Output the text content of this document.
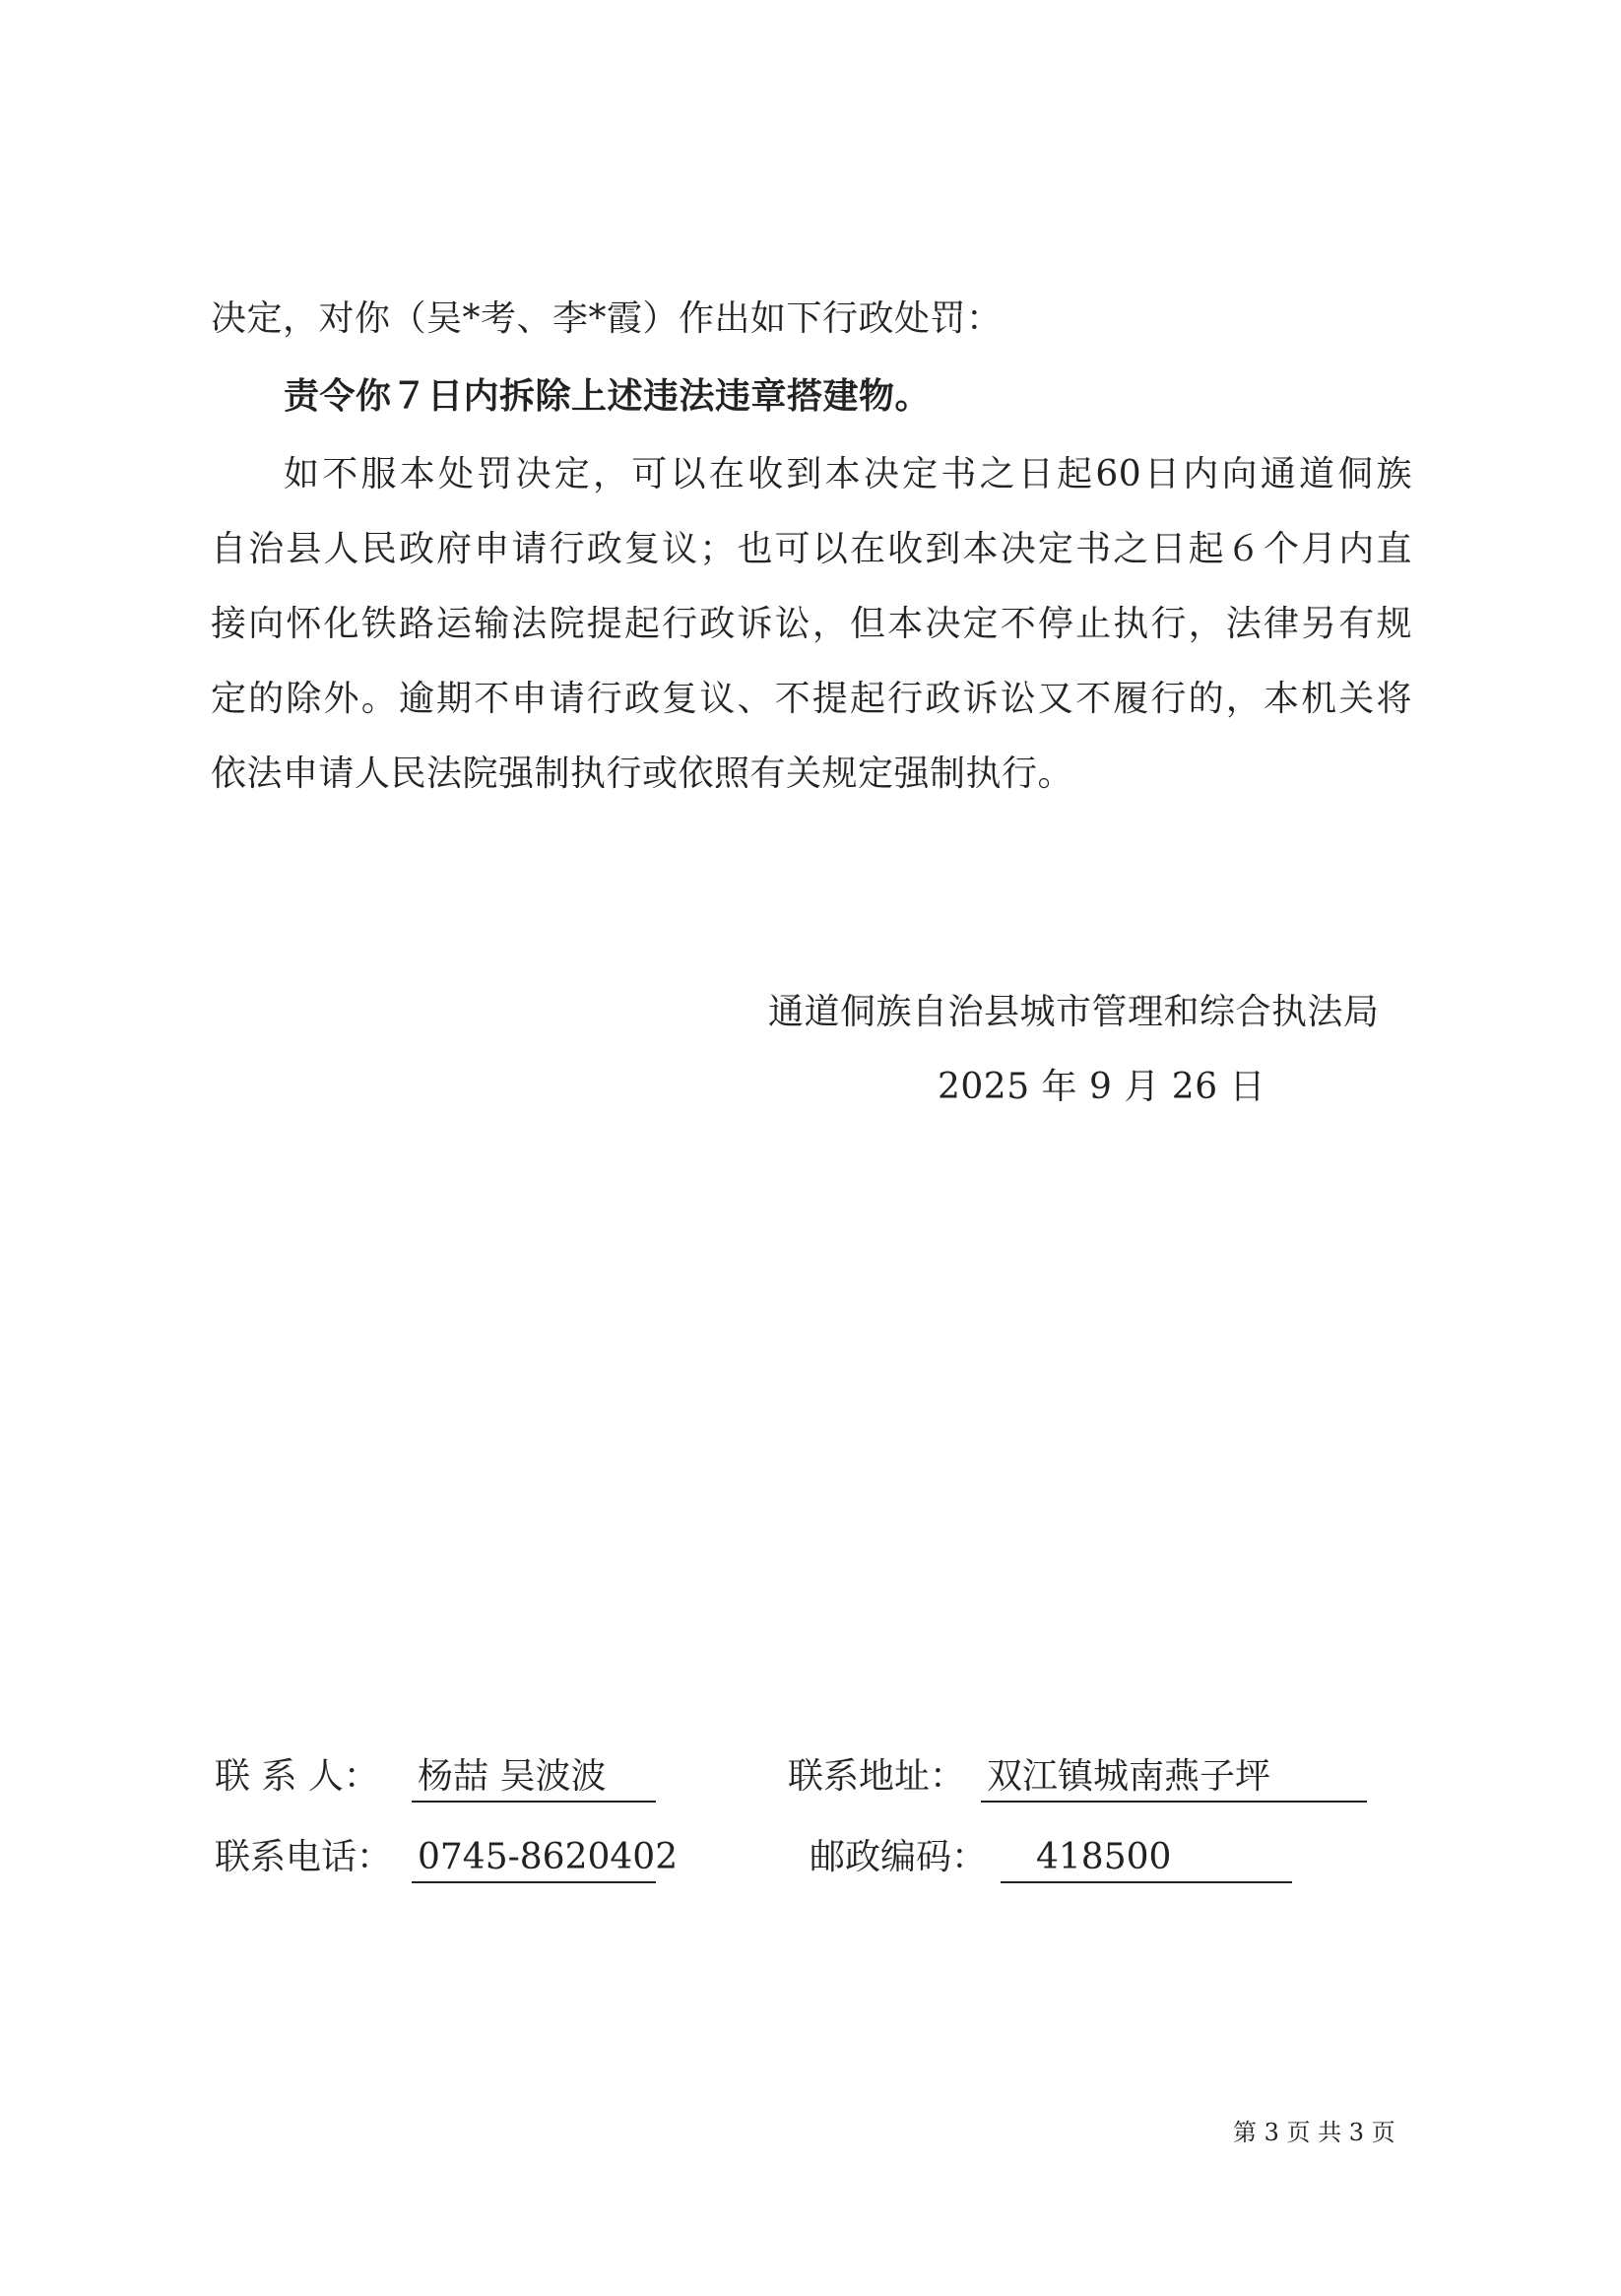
决定，对你（吴*考、李*霞）作出如下行政处罚：
责令你７日内拆除上述违法违章搭建物。
如不服本处罚决定，可以在收到本决定书之日起60日内向通道侗族
自治县人民政府申请行政复议；也可以在收到本决定书之日起６个月内直
接向怀化铁路运输法院提起行政诉讼，但本决定不停止执行，法律另有规
定的除外。逾期不申请行政复议、不提起行政诉讼又不履行的，本机关将
依法申请人民法院强制执行或依照有关规定强制执行。
通道侗族自治县城市管理和综合执法局
2025 年 9 月 26 日
联 系 人： 杨喆 吴波波	联系地址： 双江镇城南燕子坪
联系电话： 0745-8620402	邮政编码：	418500
第 3 页 共 3 页
